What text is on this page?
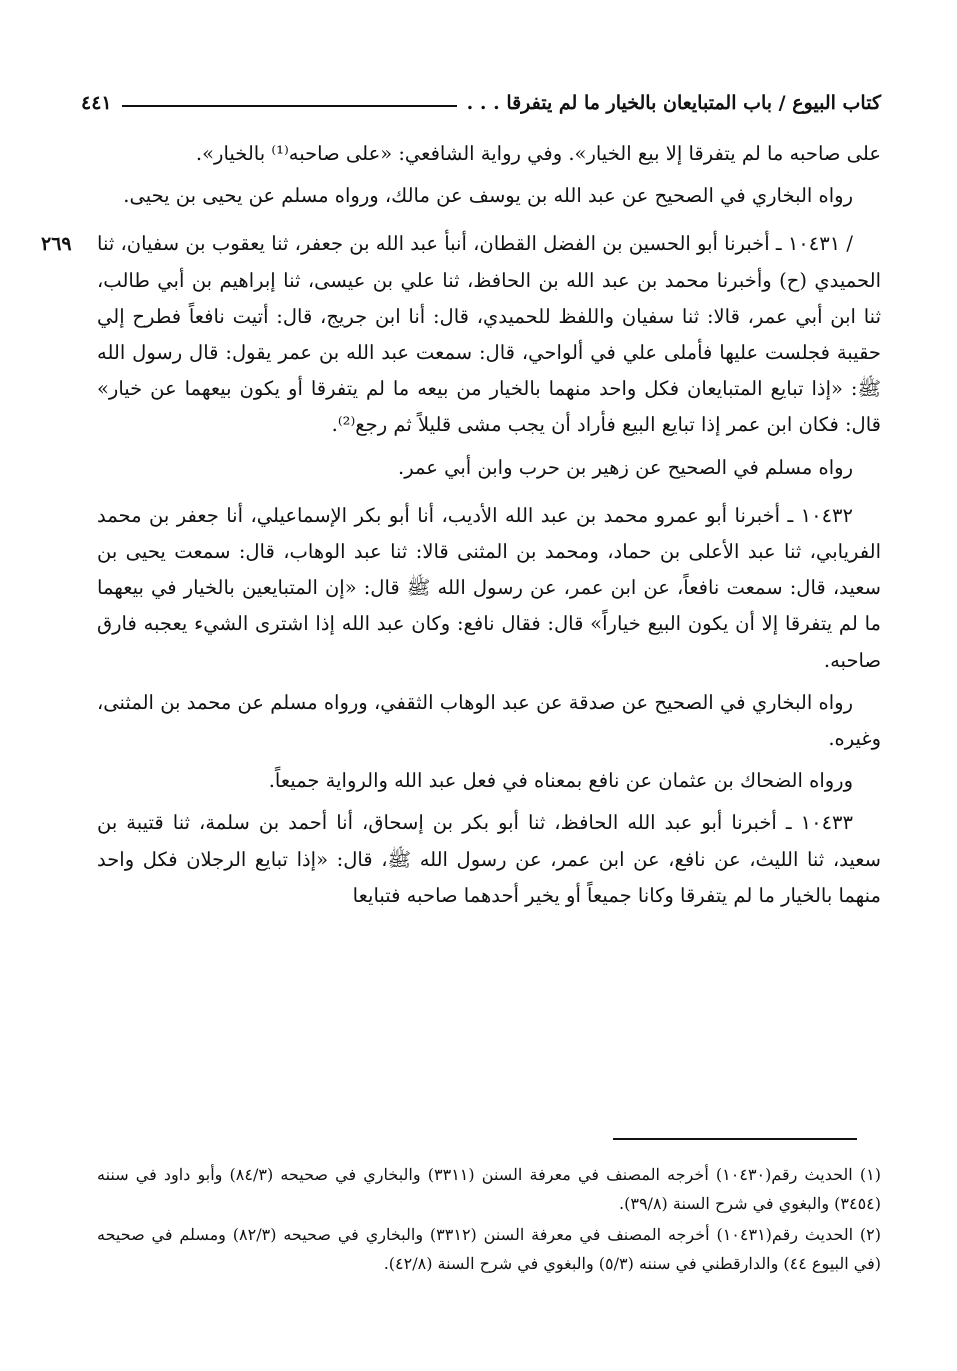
كتاب البيوع / باب المتبايعان بالخيار ما لم يتفرقا . . .
٤٤١

على صاحبه ما لم يتفرقا إلا بيع الخيار». وفي رواية الشافعي: «على صاحبه⁽¹⁾ بالخيار».

رواه البخاري في الصحيح عن عبد الله بن يوسف عن مالك، ورواه مسلم عن يحيى بن يحيى.

٢٦٩ / ١٠٤٣١ ـ أخبرنا أبو الحسين بن الفضل القطان، أنبأ عبد الله بن جعفر، ثنا يعقوب بن سفيان، ثنا الحميدي (ح) وأخبرنا محمد بن عبد الله بن الحافظ، ثنا علي بن عيسى، ثنا إبراهيم بن أبي طالب، ثنا ابن أبي عمر، قالا: ثنا سفيان واللفظ للحميدي، قال: أنا ابن جريج، قال: أتيت نافعاً فطرح إلي حقيبة فجلست عليها فأملى علي في ألواحي، قال: سمعت عبد الله بن عمر يقول: قال رسول الله ﷺ: «إذا تبايع المتبايعان فكل واحد منهما بالخيار من بيعه ما لم يتفرقا أو يكون بيعهما عن خيار» قال: فكان ابن عمر إذا تبايع البيع فأراد أن يجب مشى قليلاً ثم رجع⁽²⁾.

رواه مسلم في الصحيح عن زهير بن حرب وابن أبي عمر.

١٠٤٣٢ ـ أخبرنا أبو عمرو محمد بن عبد الله الأديب، أنا أبو بكر الإسماعيلي، أنا جعفر بن محمد الفريابي، ثنا عبد الأعلى بن حماد، ومحمد بن المثنى قالا: ثنا عبد الوهاب، قال: سمعت يحيى بن سعيد، قال: سمعت نافعاً، عن ابن عمر، عن رسول الله ﷺ قال: «إن المتبايعين بالخيار في بيعهما ما لم يتفرقا إلا أن يكون البيع خياراً» قال: فقال نافع: وكان عبد الله إذا اشترى الشيء يعجبه فارق صاحبه.

رواه البخاري في الصحيح عن صدقة عن عبد الوهاب الثقفي، ورواه مسلم عن محمد بن المثنى، وغيره.

ورواه الضحاك بن عثمان عن نافع بمعناه في فعل عبد الله والرواية جميعاً.

١٠٤٣٣ ـ أخبرنا أبو عبد الله الحافظ، ثنا أبو بكر بن إسحاق، أنا أحمد بن سلمة، ثنا قتيبة بن سعيد، ثنا الليث، عن نافع، عن ابن عمر، عن رسول الله ﷺ، قال: «إذا تبايع الرجلان فكل واحد منهما بالخيار ما لم يتفرقا وكانا جميعاً أو يخير أحدهما صاحبه فتبايعا

(١) الحديث رقم(١٠٤٣٠) أخرجه المصنف في معرفة السنن (٣٣١١) والبخاري في صحيحه (٨٤/٣) وأبو داود في سننه (٣٤٥٤) والبغوي في شرح السنة (٣٩/٨).

(٢) الحديث رقم(١٠٤٣١) أخرجه المصنف في معرفة السنن (٣٣١٢) والبخاري في صحيحه (٨٢/٣) ومسلم في صحيحه (في البيوع ٤٤) والدارقطني في سننه (٥/٣) والبغوي في شرح السنة (٤٢/٨).
